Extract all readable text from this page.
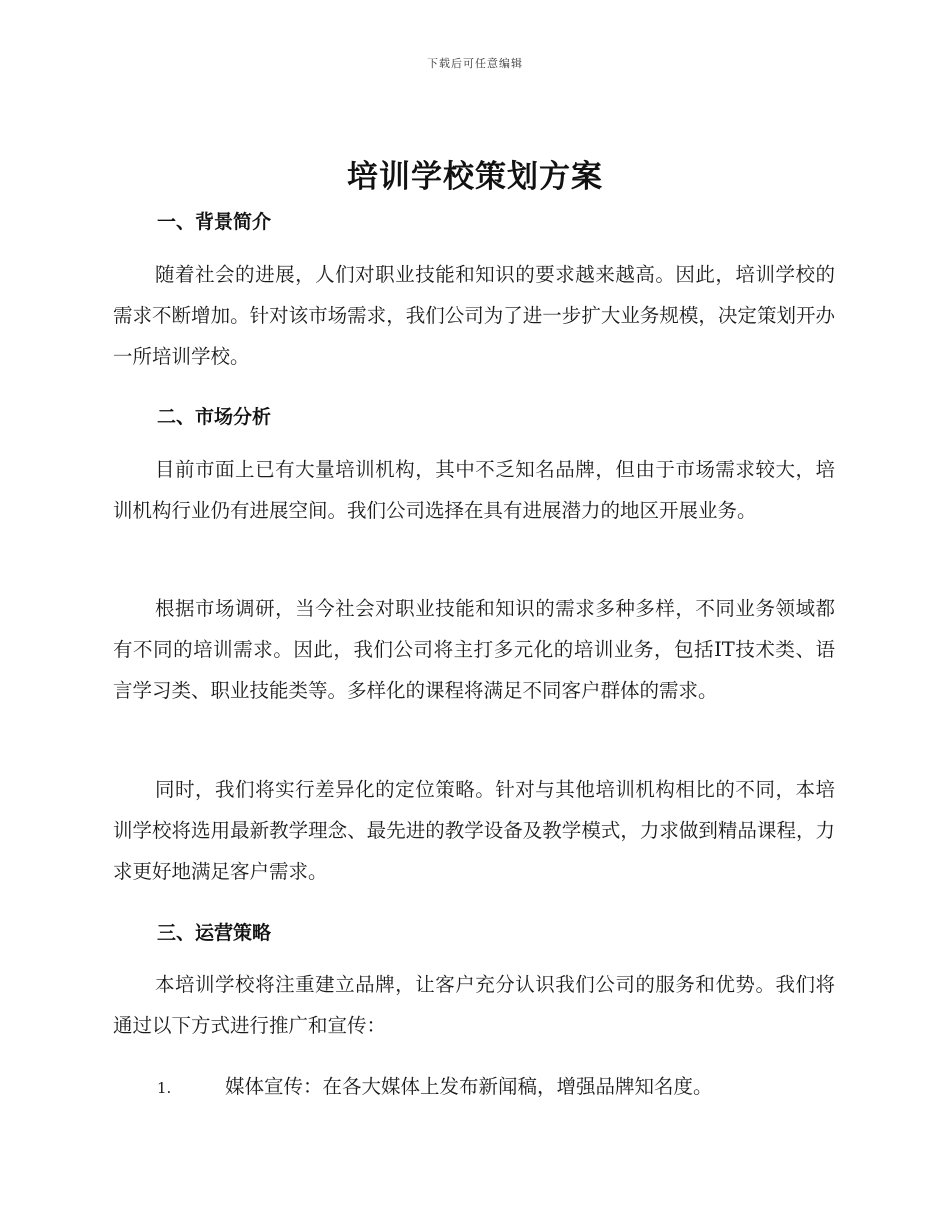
下载后可任意编辑
培训学校策划方案
一、背景简介
随着社会的进展，人们对职业技能和知识的要求越来越高。因此，培训学校的需求不断增加。针对该市场需求，我们公司为了进一步扩大业务规模，决定策划开办一所培训学校。
二、市场分析
目前市面上已有大量培训机构，其中不乏知名品牌，但由于市场需求较大，培训机构行业仍有进展空间。我们公司选择在具有进展潜力的地区开展业务。
根据市场调研，当今社会对职业技能和知识的需求多种多样，不同业务领域都有不同的培训需求。因此，我们公司将主打多元化的培训业务，包括IT技术类、语言学习类、职业技能类等。多样化的课程将满足不同客户群体的需求。
同时，我们将实行差异化的定位策略。针对与其他培训机构相比的不同，本培训学校将选用最新教学理念、最先进的教学设备及教学模式，力求做到精品课程，力求更好地满足客户需求。
三、运营策略
本培训学校将注重建立品牌，让客户充分认识我们公司的服务和优势。我们将通过以下方式进行推广和宣传：
1.	媒体宣传：在各大媒体上发布新闻稿，增强品牌知名度。
